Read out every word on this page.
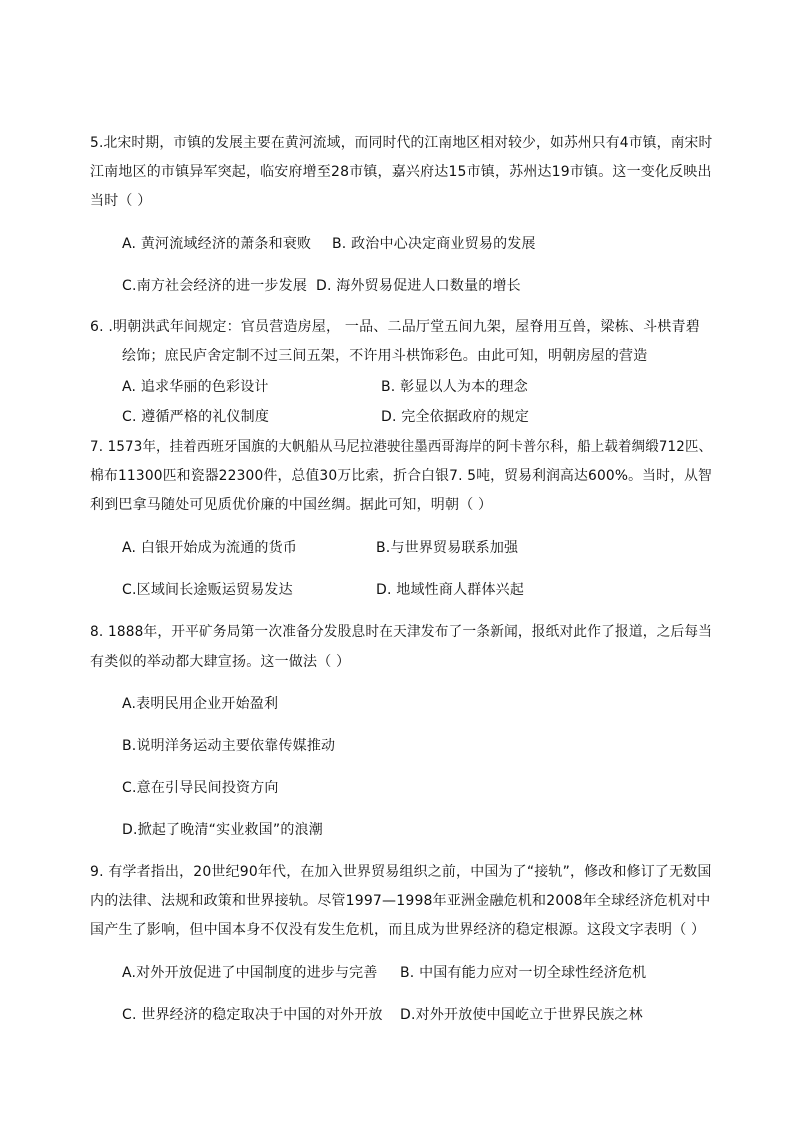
5.北宋时期，市镇的发展主要在黄河流域，而同时代的江南地区相对较少，如苏州只有4市镇，南宋时
江南地区的市镇异军突起，临安府增至28市镇，嘉兴府达15市镇，苏州达19市镇。这一变化反映出
当时（ ）
A. 黄河流域经济的萧条和衰败 B. 政治中心决定商业贸易的发展
C.南方社会经济的进一步发展 D. 海外贸易促进人口数量的增长
6. .明朝洪武年间规定：官员营造房屋， 一品、二品厅堂五间九架，屋脊用互兽，梁栋、斗栱青碧
绘饰；庶民庐舍定制不过三间五架，不许用斗栱饰彩色。由此可知，明朝房屋的营造
A. 追求华丽的色彩设计	B. 彰显以人为本的理念
C. 遵循严格的礼仪制度	D. 完全依据政府的规定
7. 1573年，挂着西班牙国旗的大帆船从马尼拉港驶往墨西哥海岸的阿卡普尔科，船上载着绸缎712匹、
棉布11300匹和瓷器22300件，总值30万比索，折合白银7. 5吨，贸易利润高达600%。当时，从智
利到巴拿马随处可见质优价廉的中国丝绸。据此可知，明朝（ ）
A. 白银开始成为流通的货币	B.与世界贸易联系加强
C.区域间长途贩运贸易发达	D. 地域性商人群体兴起
8. 1888年，开平矿务局第一次准备分发股息时在天津发布了一条新闻，报纸对此作了报道，之后每当
有类似的举动都大肆宣扬。这一做法（ ）
A.表明民用企业开始盈利
B.说明洋务运动主要依靠传媒推动
C.意在引导民间投资方向
D.掀起了晚清“实业救国”的浪潮
9. 有学者指出，20世纪90年代，在加入世界贸易组织之前，中国为了“接轨”，修改和修订了无数国
内的法律、法规和政策和世界接轨。尽管1997—1998年亚洲金融危机和2008年全球经济危机对中
国产生了影响，但中国本身不仅没有发生危机，而且成为世界经济的稳定根源。这段文字表明（ ）
A.对外开放促进了中国制度的进步与完善 B. 中国有能力应对一切全球性经济危机
C. 世界经济的稳定取决于中国的对外开放 D.对外开放使中国屹立于世界民族之林
